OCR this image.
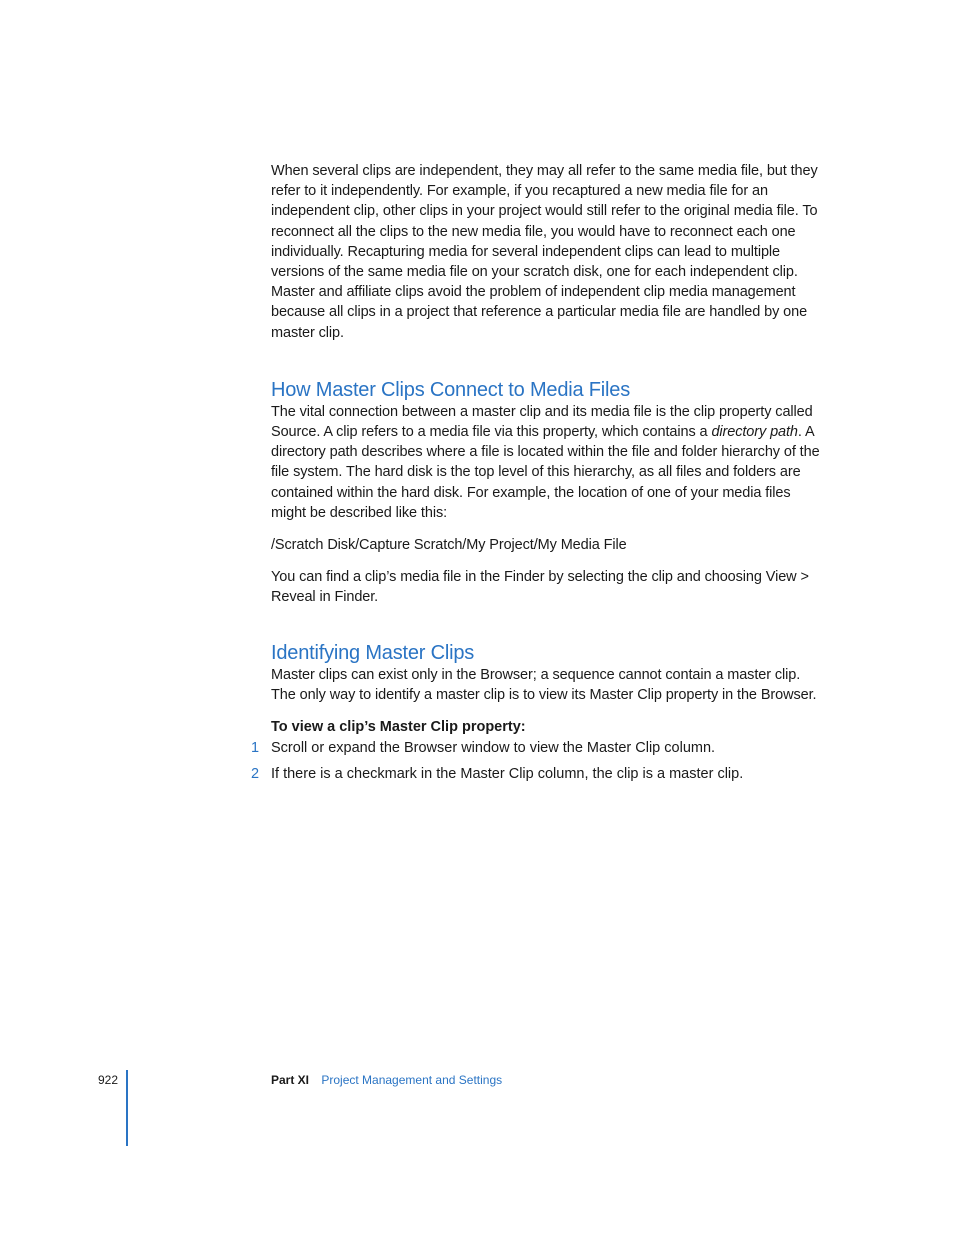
When several clips are independent, they may all refer to the same media file, but they refer to it independently. For example, if you recaptured a new media file for an independent clip, other clips in your project would still refer to the original media file. To reconnect all the clips to the new media file, you would have to reconnect each one individually. Recapturing media for several independent clips can lead to multiple versions of the same media file on your scratch disk, one for each independent clip. Master and affiliate clips avoid the problem of independent clip media management because all clips in a project that reference a particular media file are handled by one master clip.

How Master Clips Connect to Media Files

The vital connection between a master clip and its media file is the clip property called Source. A clip refers to a media file via this property, which contains a directory path. A directory path describes where a file is located within the file and folder hierarchy of the file system. The hard disk is the top level of this hierarchy, as all files and folders are contained within the hard disk. For example, the location of one of your media files might be described like this:

/Scratch Disk/Capture Scratch/My Project/My Media File

You can find a clip’s media file in the Finder by selecting the clip and choosing View > Reveal in Finder.

Identifying Master Clips

Master clips can exist only in the Browser; a sequence cannot contain a master clip. The only way to identify a master clip is to view its Master Clip property in the Browser.

To view a clip’s Master Clip property:
1 Scroll or expand the Browser window to view the Master Clip column.
2 If there is a checkmark in the Master Clip column, the clip is a master clip.
922	Part XI Project Management and Settings
